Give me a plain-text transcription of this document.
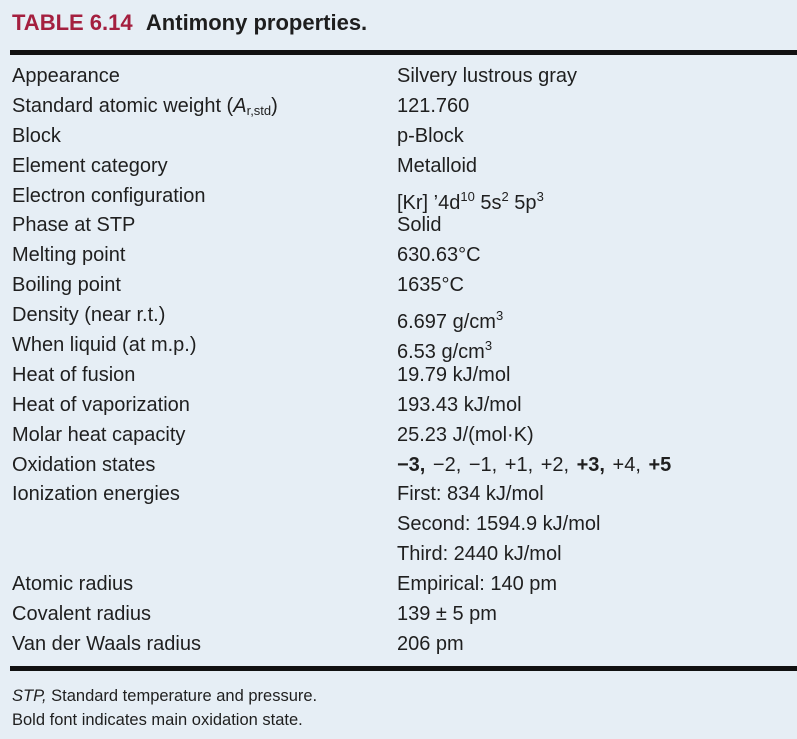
TABLE 6.14 Antimony properties.
Appearance	Silvery lustrous gray
Standard atomic weight $(A_{r,std})$	121.760
Block	p-Block
Element category	Metalloid
Electron configuration	[Kr] $’4d^{10}$ $5s^2$ $5p^3$
Phase at STP	Solid
Melting point	630.63°C
Boiling point	1635°C
Density (near r.t.)	6.697 $g/cm^3$
When liquid (at m.p.)	6.53 $g/cm^3$
Heat of fusion	19.79 kJ/mol
Heat of vaporization	193.43 kJ/mol
Molar heat capacity	25.23 J/(mol·K)
Oxidation states	−3, −2, −1, +1, +2, +3, +4, +5
Ionization energies	First: 834 kJ/mol
Second: 1594.9 kJ/mol
Third: 2440 kJ/mol
Atomic radius	Empirical: 140 pm
Covalent radius	139 ± 5 pm
Van der Waals radius	206 pm
STP, Standard temperature and pressure.
Bold font indicates main oxidation state.
